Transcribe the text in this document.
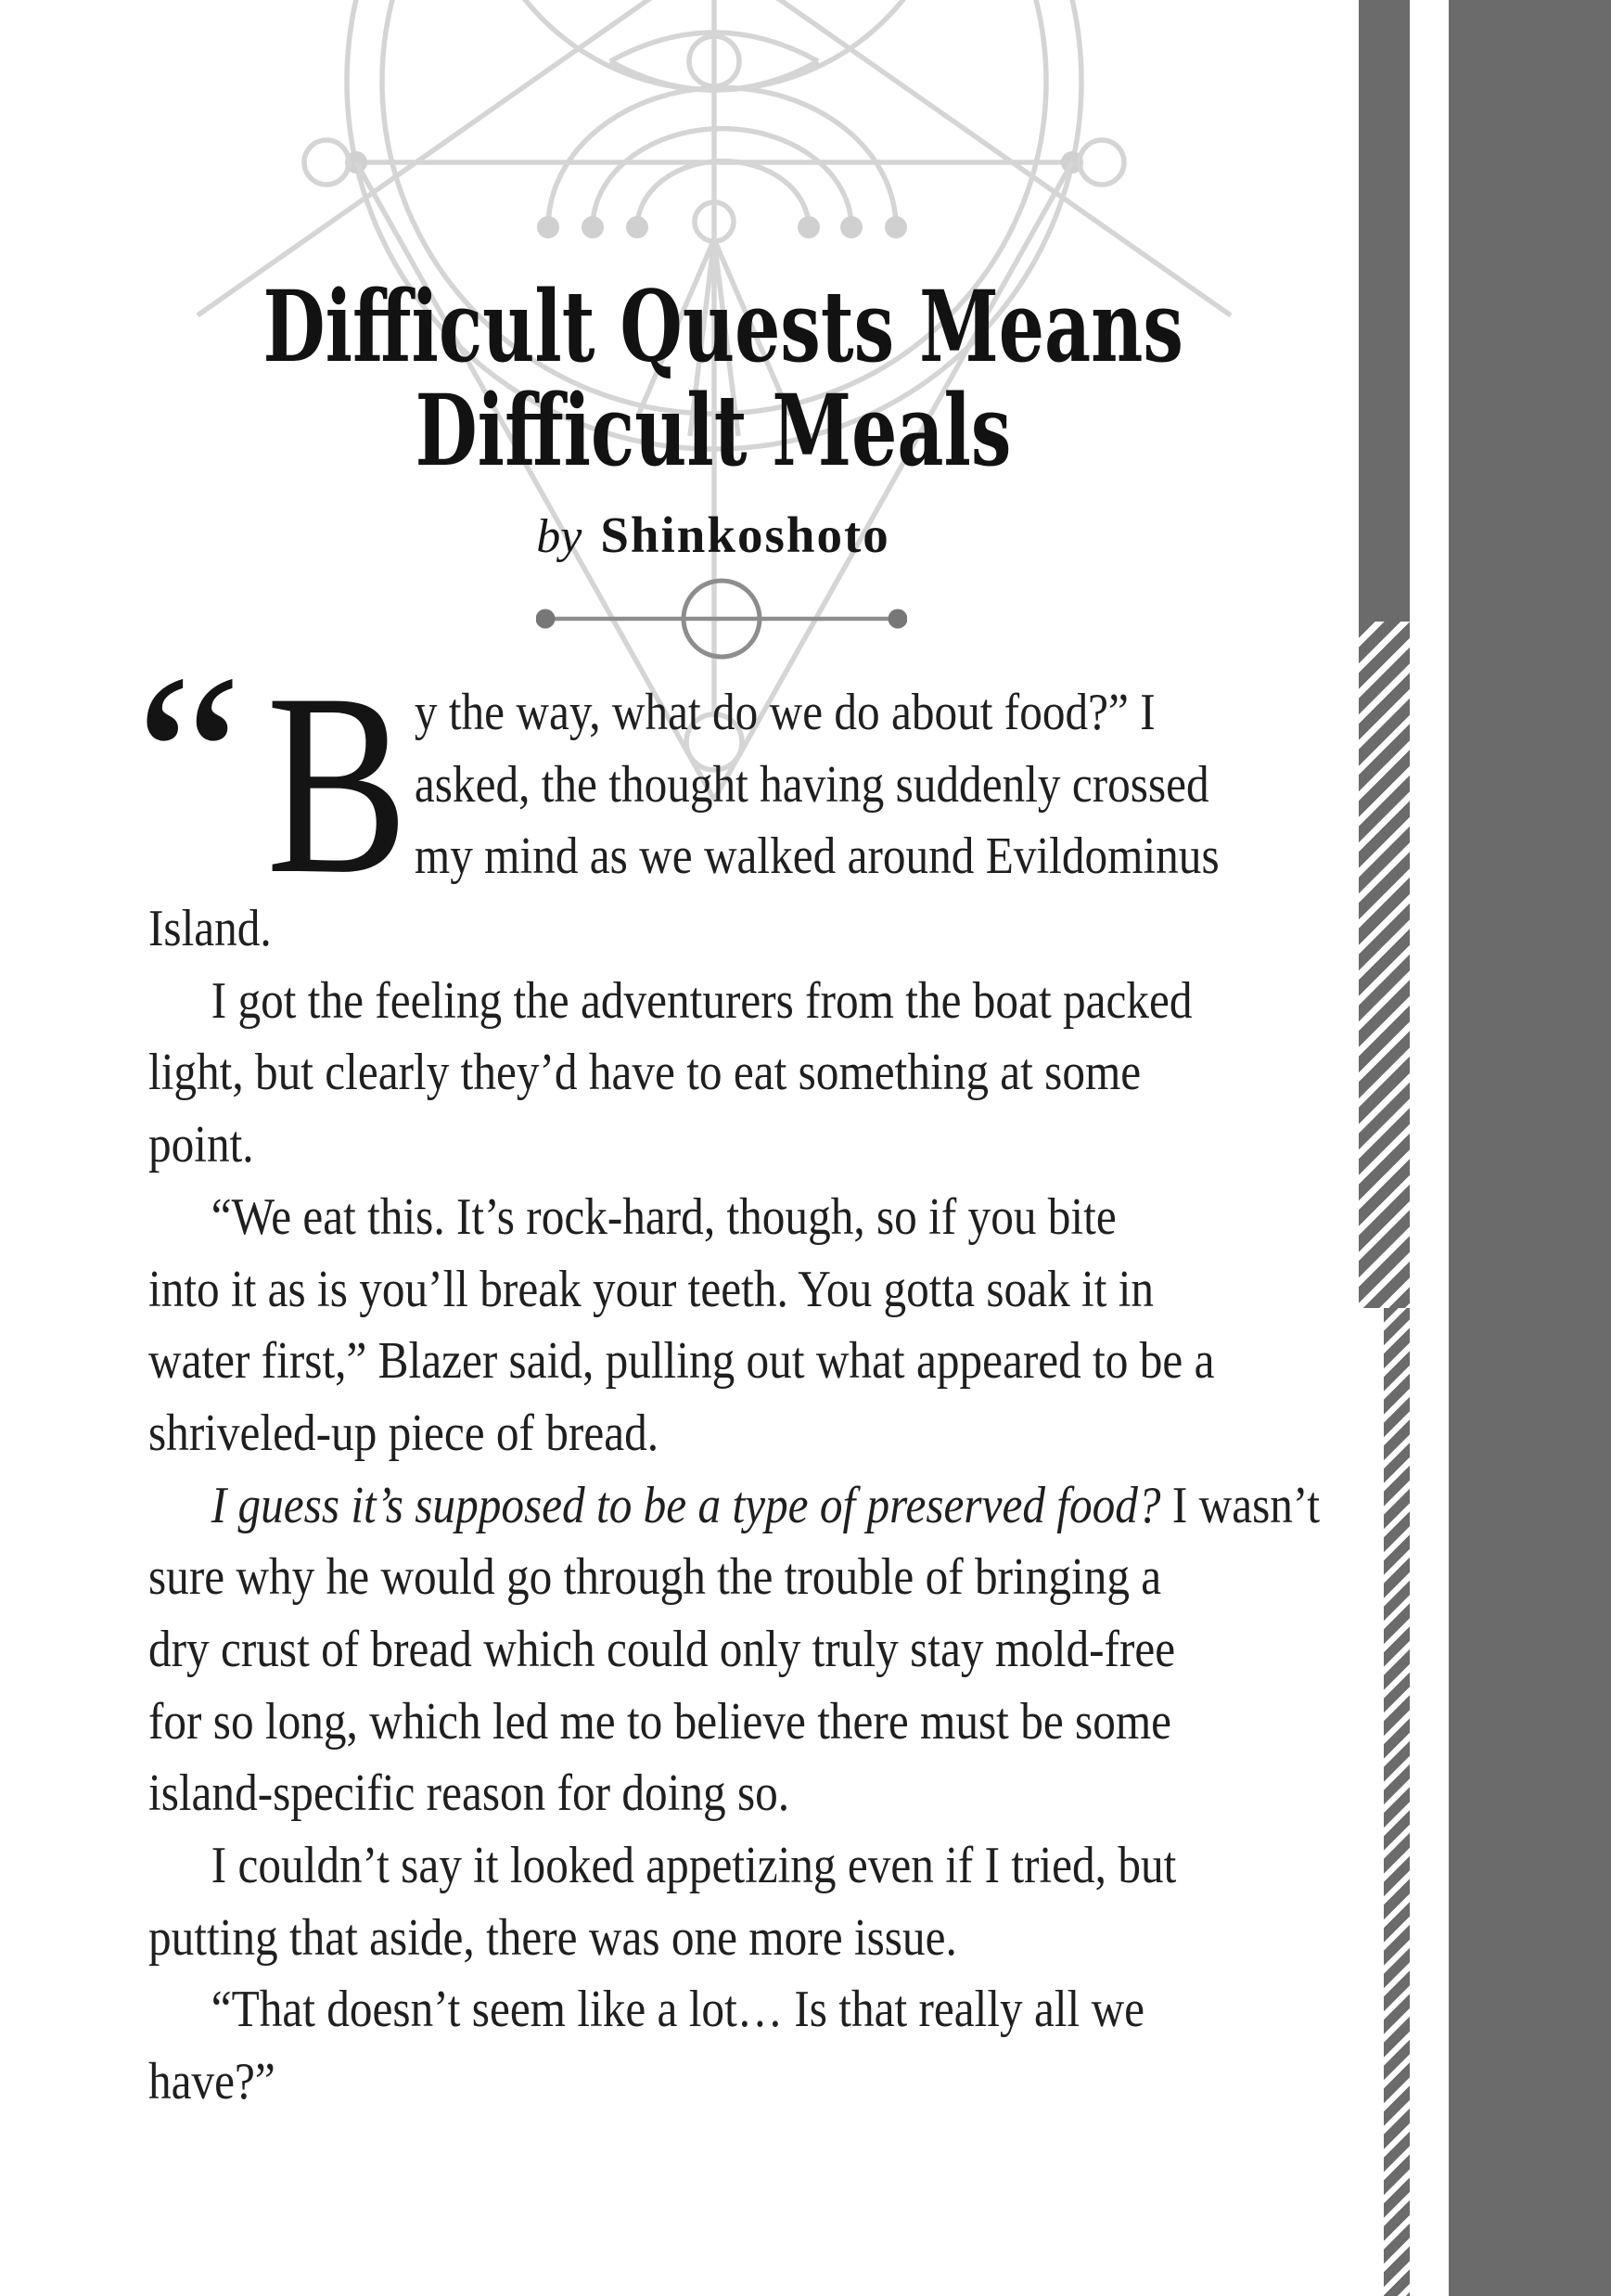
Difficult Quests Means
Difficult Meals
by Shinkoshoto
“ B y the way, what do we do about food?” I
asked, the thought having suddenly crossed
my mind as we walked around Evildominus
Island.
I got the feeling the adventurers from the boat packed
light, but clearly they’d have to eat something at some
point.
“We eat this. It’s rock-hard, though, so if you bite
into it as is you’ll break your teeth. You gotta soak it in
water first,” Blazer said, pulling out what appeared to be a
shriveled-up piece of bread.
I guess it’s supposed to be a type of preserved food? I wasn’t
sure why he would go through the trouble of bringing a
dry crust of bread which could only truly stay mold-free
for so long, which led me to believe there must be some
island-specific reason for doing so.
I couldn’t say it looked appetizing even if I tried, but
putting that aside, there was one more issue.
“That doesn’t seem like a lot… Is that really all we
have?”
